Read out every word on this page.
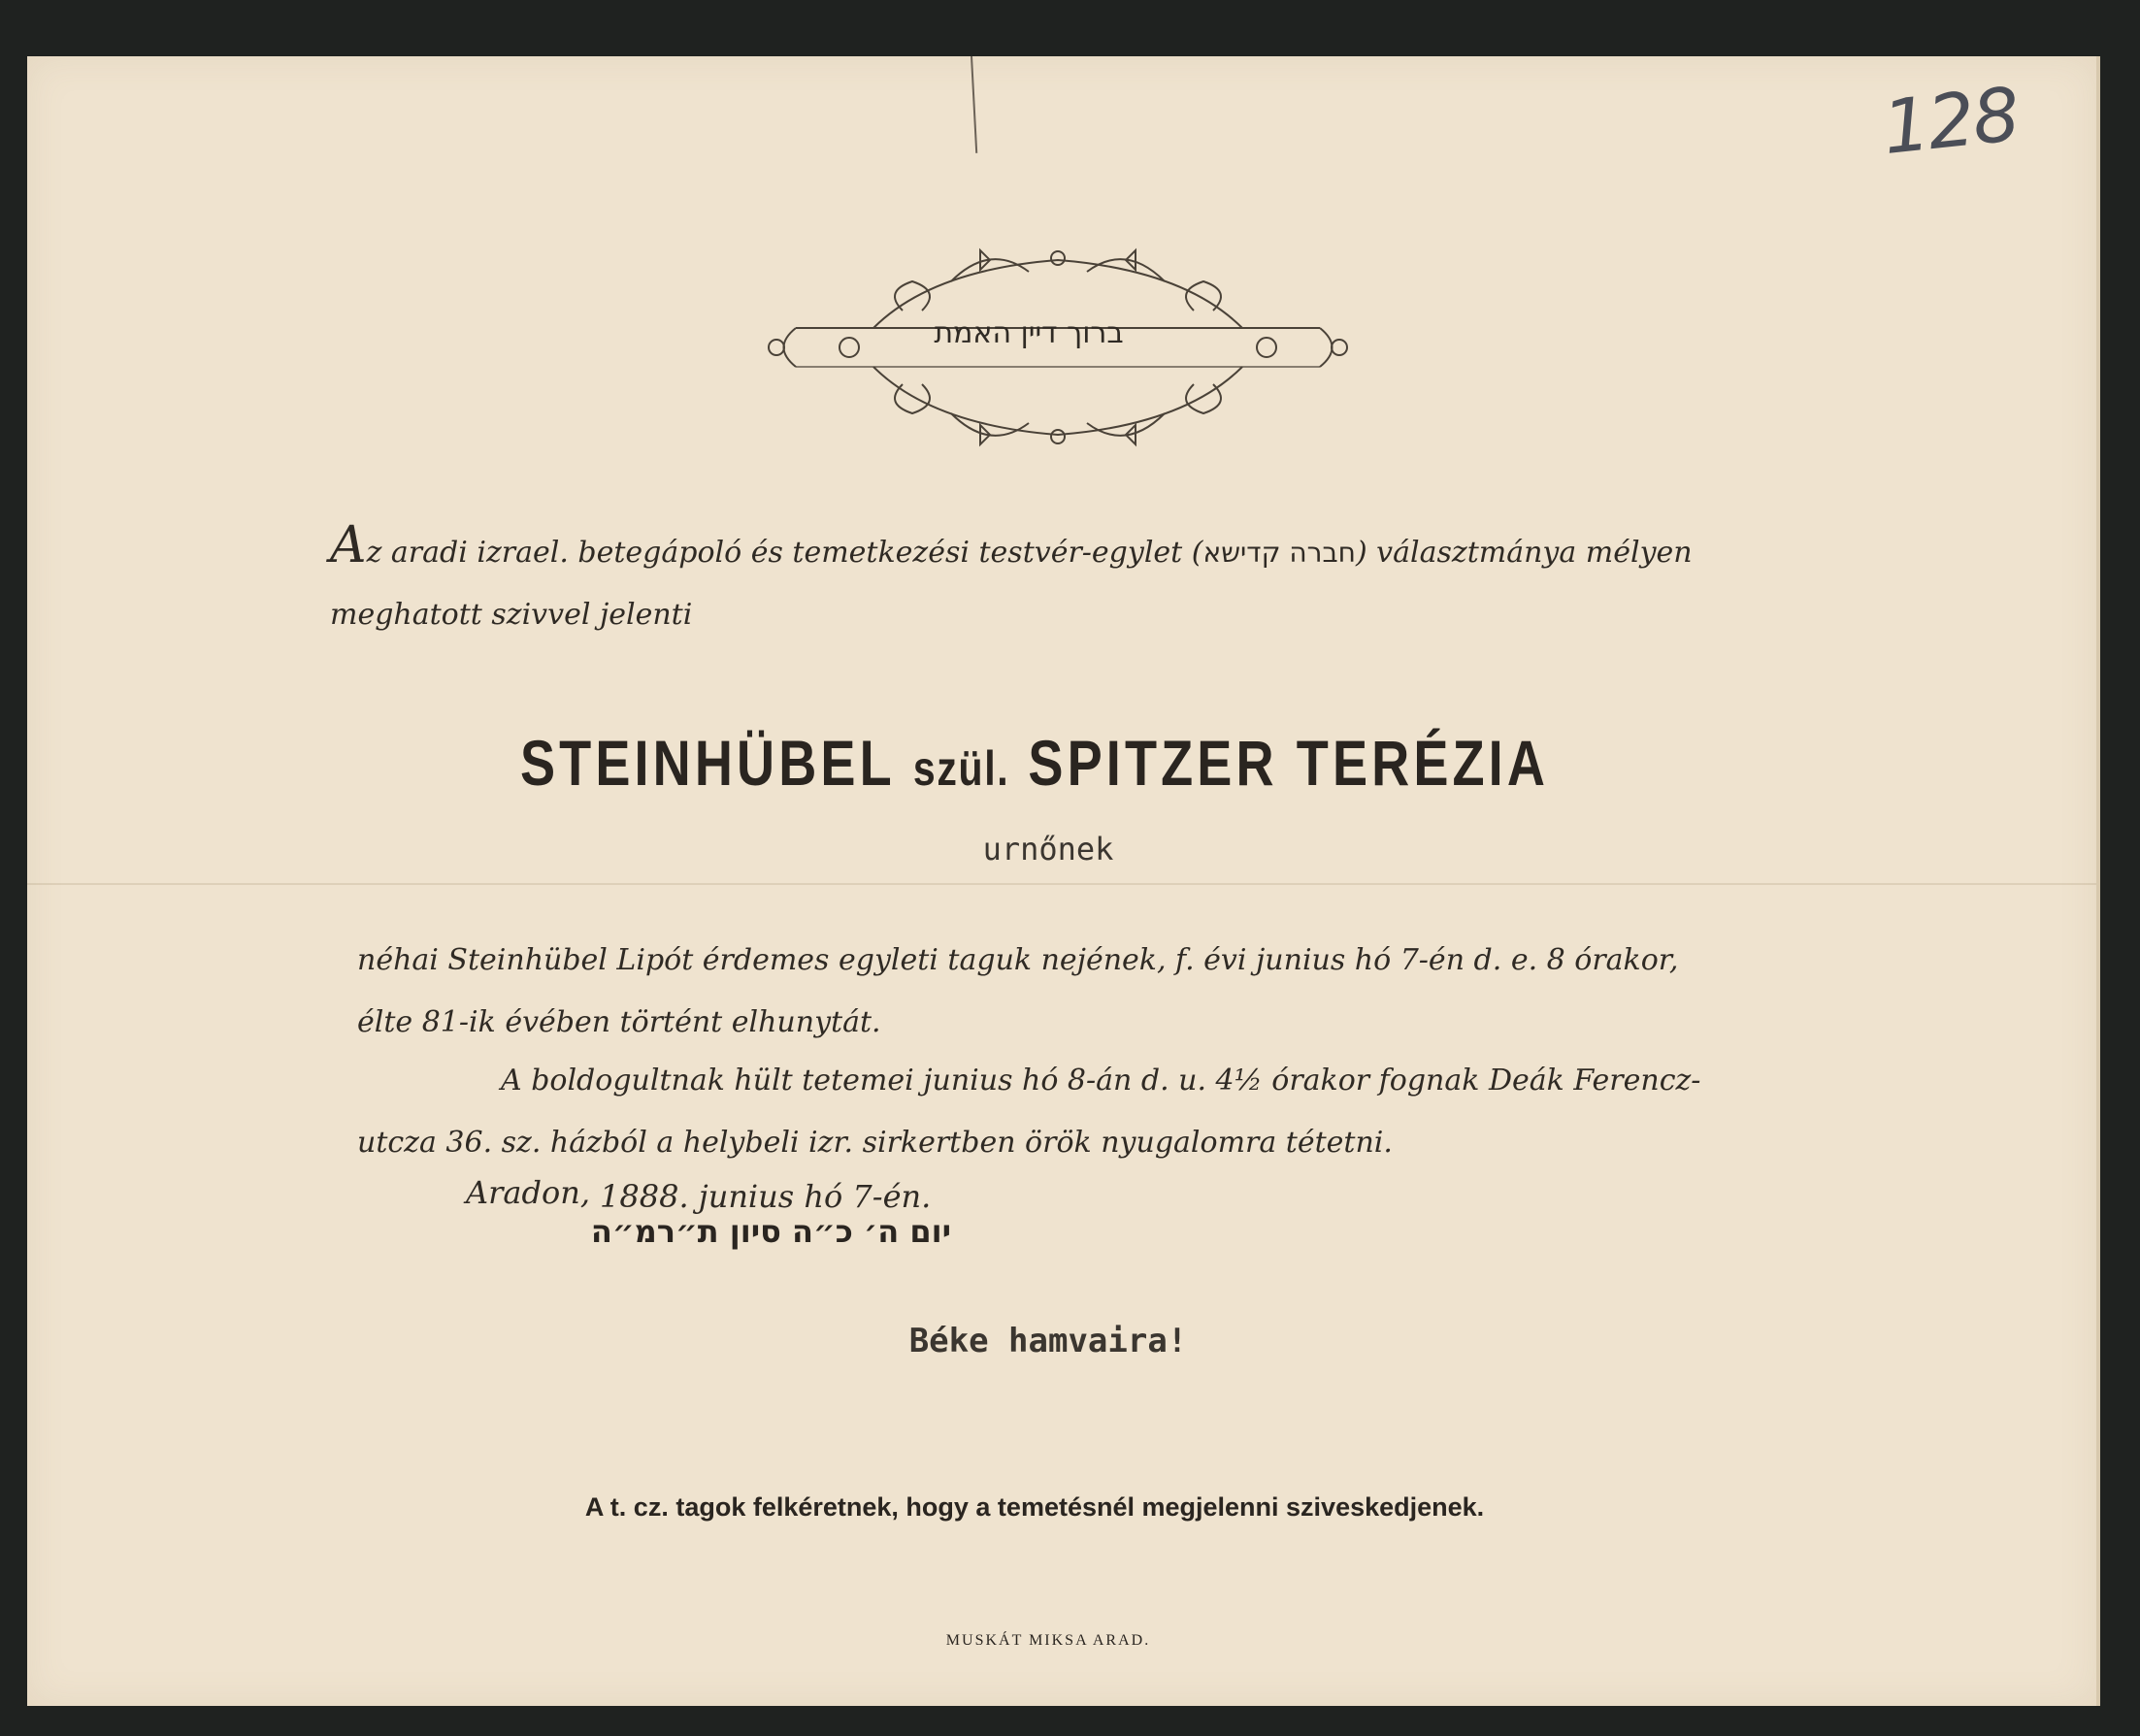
128
ברוך דיין האמת
Az aradi izrael. betegápoló és temetkezési testvér-egylet (חברה קדישא) választmánya mélyen meghatott szivvel jelenti
STEINHÜBEL szül. SPITZER TERÉZIA
urnőnek
néhai Steinhübel Lipót érdemes egyleti taguk nejének, f. évi junius hó 7-én d. e. 8 órakor, élte 81-ik évében történt elhunytát.
A boldogultnak hült tetemei junius hó 8-án d. u. 4½ órakor fognak Deák Ferencz-utcza 36. sz. házból a helybeli izr. sirkertben örök nyugalomra tétetni.
Aradon, 1888. junius hó 7-én.
יום ה׳ כ״ה סיון ת״רמ״ה
Béke hamvaira!
A t. cz. tagok felkéretnek, hogy a temetésnél megjelenni sziveskedjenek.
MUSKÁT MIKSA ARAD.
